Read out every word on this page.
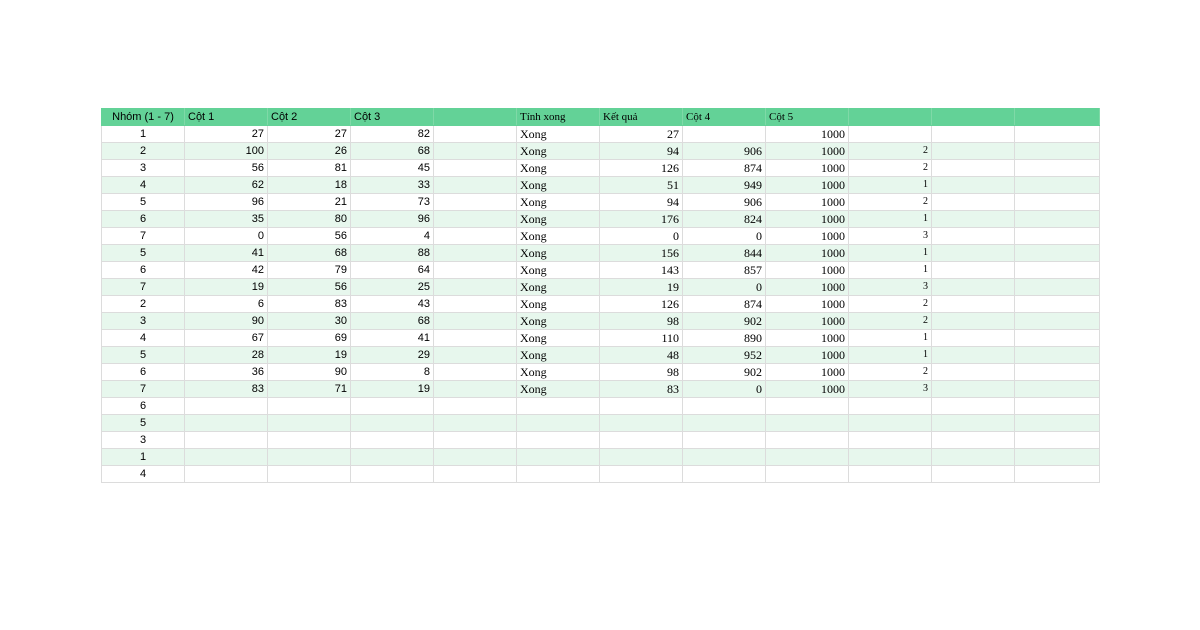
Nhóm (1 - 7)	Cột 1	Cột 2	Cột 3		Tính xong	Kết quả	Cột 4	Cột 5			
1	27	27	82		Xong	27		1000			
2	100	26	68		Xong	94	906	1000	2		
3	56	81	45		Xong	126	874	1000	2		
4	62	18	33		Xong	51	949	1000	1		
5	96	21	73		Xong	94	906	1000	2		
6	35	80	96		Xong	176	824	1000	1		
7	0	56	4		Xong	0	0	1000	3		
5	41	68	88		Xong	156	844	1000	1		
6	42	79	64		Xong	143	857	1000	1		
7	19	56	25		Xong	19	0	1000	3		
2	6	83	43		Xong	126	874	1000	2		
3	90	30	68		Xong	98	902	1000	2		
4	67	69	41		Xong	110	890	1000	1		
5	28	19	29		Xong	48	952	1000	1		
6	36	90	8		Xong	98	902	1000	2		
7	83	71	19		Xong	83	0	1000	3		
6											
5											
3											
1											
4											
